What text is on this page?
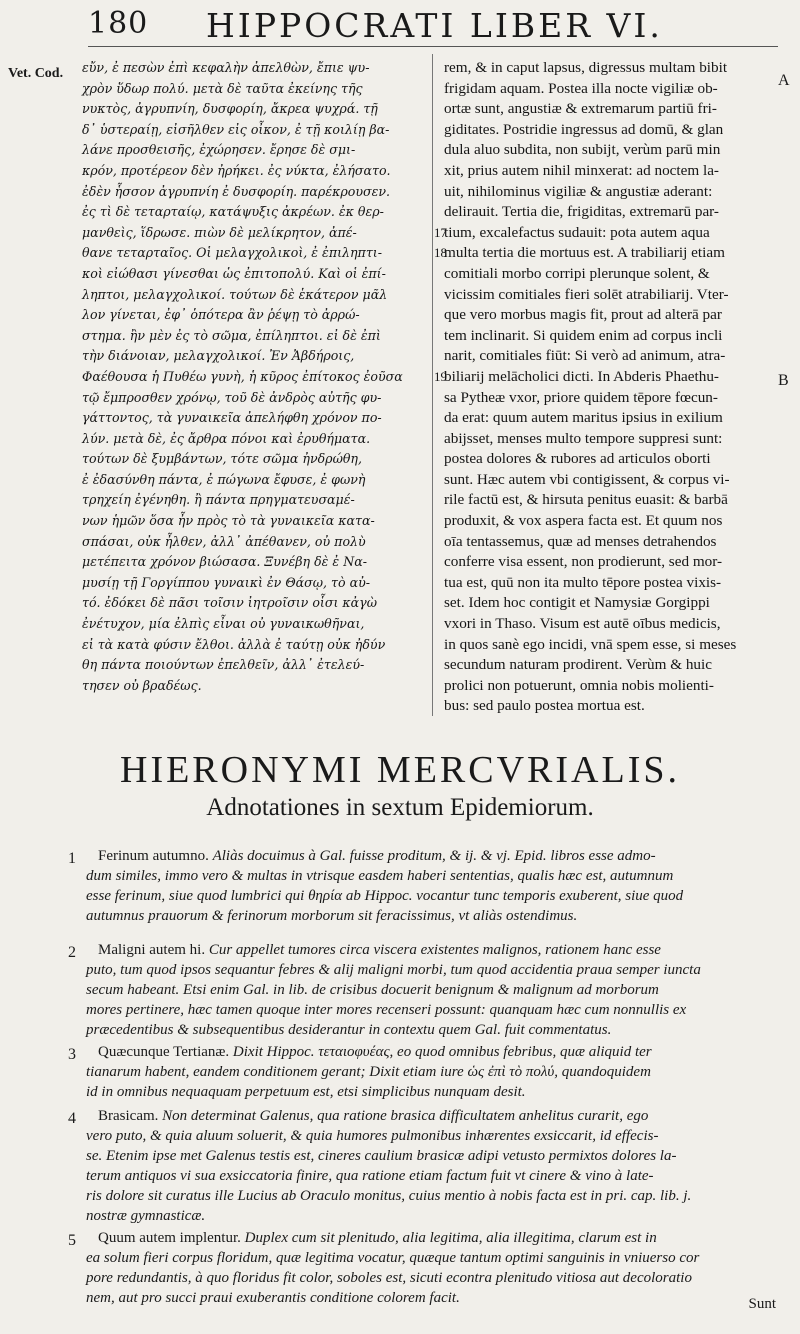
180 HIPPOCRATI LIBER VI.
Vet. Cod. εὔν, ἐ πεσὼν ἐπὶ κεφαλὴν ἀπελθὼν, ἔπιε ψυ-
χρὸν ὕδωρ πολύ. μετὰ δὲ ταῦτα ἐκείνης τῆς
νυκτὸς, ἀγρυπνίη, δυσφορίη, ἄκρεα ψυχρά. τῇ
δ᾽ ὑστεραίῃ, εἰσῆλθεν εἰς οἶκον, ἐ τῇ κοιλίῃ βα-
λάνε προσθεισῆς, ἐχώρησεν. ἔρησε δὲ σμι-
κρόν, προτέρεον δὲν ἠρήκει. ἐς νύκτα, ἐλήσατο.
ἐδὲν ἧσσον ἀγρυπνίη ἐ δυσφορίη. παρέκρουσεν.
ἐς τὶ δὲ τεταρταίῳ, κατάψυξις ἀκρέων. ἐκ θερ-
μανθεὶς, ἵδρωσε. πιὼν δὲ μελίκρητον, ἀπέ-
θανε τεταρταῖος. Οἱ μελαγχολικοὶ, ἐ ἐπιληπτι-
κοὶ εἰώθασι γίνεσθαι ὡς ἐπιτοπολύ. Καὶ οἱ ἐπί-
ληπτοι, μελαγχολικοί. τούτων δὲ ἑκάτερον μᾶλ
λον γίνεται, ἐφ᾽ ὁπότερα ἂν ῥέψῃ τὸ ἀρρώ-
στημα. ἢν μὲν ἐς τὸ σῶμα, ἐπίληπτοι. εἰ δὲ ἐπὶ
τὴν διάνοιαν, μελαγχολικοί. Ἐν Ἀβδήροις,
Φαέθουσα ἡ Πυθέω γυνὴ, ἡ κῦρος ἐπίτοκος ἐοῦσα
τῷ ἔμπροσθεν χρόνῳ, τοῦ δὲ ἀνδρὸς αὐτῆς φυ-
γάττοντος, τὰ γυναικεῖα ἀπελήφθη χρόνον πο-
λύν. μετὰ δὲ, ἐς ἄρθρα πόνοι καὶ ἐρυθήματα.
τούτων δὲ ξυμβάντων, τότε σῶμα ἠνδρώθη,
ἐ ἐδασύνθη πάντα, ἐ πώγωνα ἔφυσε, ἐ φωνὴ
τρηχείη ἐγένηθη. ἢ πάντα πρηγματευσαμέ-
νων ἡμῶν ὅσα ἦν πρὸς τὸ τὰ γυναικεῖα κατα-
σπάσαι, οὐκ ἦλθεν, ἀλλ᾽ ἀπέθανεν, οὐ πολὺ
μετέπειτα χρόνον βιώσασα. Ξυνέβη δὲ ἐ Να-
μυσίῃ τῇ Γοργίππου γυναικὶ ἐν Θάσῳ, τὸ αὐ-
τό. ἐδόκει δὲ πᾶσι τοῖσιν ἰητροῖσιν οἷσι κἀγὼ
ἐνέτυχον, μία ἐλπὶς εἶναι οὐ γυναικωθῆναι,
εἰ τὰ κατὰ φύσιν ἔλθοι. ἀλλὰ ἐ ταύτῃ οὐκ ἠδύν
θη πάντα ποιούντων ἐπελθεῖν, ἀλλ᾽ ἐτελεύ-
τησεν οὐ βραδέως.
rem, & in caput lapsus, digressus multam bibit
frigidam aquam. Postea illa nocte vigiliæ ob-
ortæ sunt, angustiæ & extremarum partiū fri-
giditates. Postridie ingressus ad domū, & glan
dula aluo subdita, non subijt, verùm parū min
xit, prius autem nihil minxerat: ad noctem la-
uit, nihilominus vigiliæ & angustiæ aderant:
delirauit. Tertia die, frigiditas, extremarū par-
17
tium, excalefactus sudauit: pota autem aqua
18
multa tertia die mortuus est. A trabiliarij etiam
comitiali morbo corripi plerunque solent, &
vicissim comitiales fieri solēt atrabiliarij. Vter-
que vero morbus magis fit, prout ad alterā par
tem inclinarit. Si quidem enim ad corpus incli
narit, comitiales fiūt: Si verò ad animum, atra-
19
biliarij melācholici dicti. In Abderis Phaethu-
sa Pytheæ vxor, priore quidem tēpore fœcun-
da erat: quum autem maritus ipsius in exilium
abijsset, menses multo tempore suppresi sunt:
postea dolores & rubores ad articulos oborti
sunt. Hæc autem vbi contigissent, & corpus vi-
rile factū est, & hirsuta penitus euasit: & barbā
produxit, & vox aspera facta est. Et quum nos
oīa tentassemus, quæ ad menses detrahendos
conferre visa essent, non prodierunt, sed mor-
tua est, quū non ita multo tēpore postea vixis-
set. Idem hoc contigit et Namysiæ Gorgippi
vxori in Thaso. Visum est autē oībus medicis,
in quos sanè ego incidi, vnā spem esse, si meses
secundum naturam prodirent. Verùm & huic
prolici non potuerunt, omnia nobis molienti-
bus: sed paulo postea mortua est.
A
B
HIERONYMI MERCVRIALIS.
Adnotationes in sextum Epidemiorum.
1 Ferinum autumno. Aliàs docuimus à Gal. fuisse proditum, & ij. & vj. Epid. libros esse admo-
dum similes, immo vero & multas in vtrisque easdem haberi sententias, qualis hæc est, autumnum
esse ferinum, siue quod lumbrici qui θηρία ab Hippoc. vocantur tunc temporis exuberent, siue quod
autumnus prauorum & ferinorum morborum sit feracissimus, vt aliàs ostendimus.
2 Maligni autem hi. Cur appellet tumores circa viscera existentes malignos, rationem hanc esse
puto, tum quod ipsos sequantur febres & alij maligni morbi, tum quod accidentia praua semper iuncta
secum habeant. Etsi enim Gal. in lib. de crisibus docuerit benignum & malignum ad morborum
mores pertinere, hæc tamen quoque inter mores recenseri possunt: quanquam hæc cum nonnullis ex
præcedentibus & subsequentibus desiderantur in contextu quem Gal. fuit commentatus.
3 Quæcunque Tertianæ. Dixit Hippoc. τεταιοφυέας, eo quod omnibus febribus, quæ aliquid ter
tianarum habent, eandem conditionem gerant; Dixit etiam iure ὡς ἐπὶ τὸ πολύ, quandoquidem
id in omnibus nequaquam perpetuum est, etsi simplicibus nunquam desit.
4 Brasicam. Non determinat Galenus, qua ratione brasica difficultatem anhelitus curarit, ego
vero puto, & quia aluum soluerit, & quia humores pulmonibus inhærentes exsiccarit, id effecis-
se. Etenim ipse met Galenus testis est, cineres caulium brasicæ adipi vetusto permixtos dolores la-
terum antiquos vi sua exsiccatoria finire, qua ratione etiam factum fuit vt cinere & vino à late-
ris dolore sit curatus ille Lucius ab Oraculo monitus, cuius mentio à nobis facta est in pri. cap. lib. j.
nostræ gymnasticæ.
5 Quum autem implentur. Duplex cum sit plenitudo, alia legitima, alia illegitima, clarum est in
ea solum fieri corpus floridum, quæ legitima vocatur, quæque tantum optimi sanguinis in vniuerso cor
pore redundantis, à quo floridus fit color, soboles est, sicuti econtra plenitudo vitiosa aut decoloratio
nem, aut pro succi praui exuberantis conditione colorem facit.	Sunt
